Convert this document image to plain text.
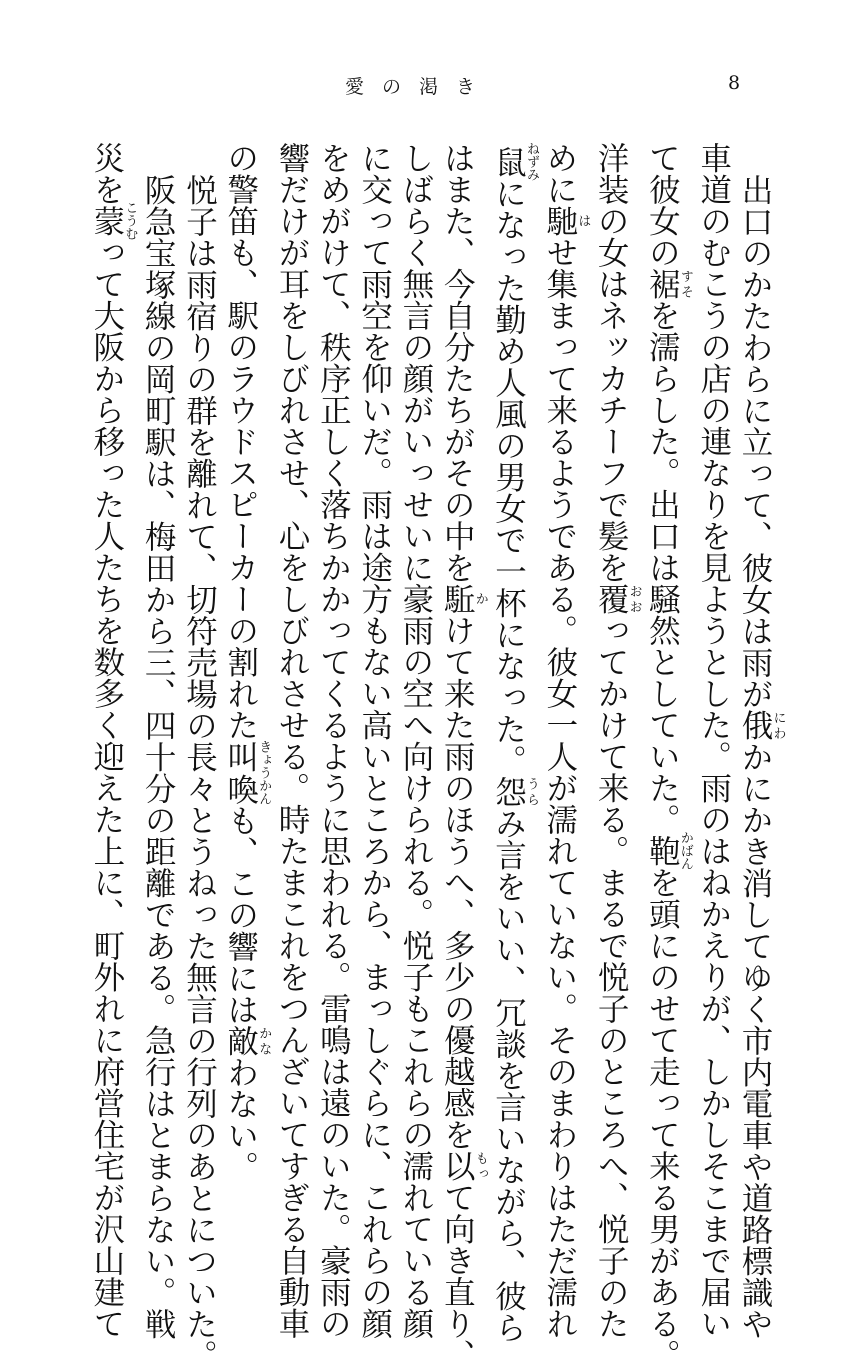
愛の渇き	8
出口のかたわらに立って、彼女は雨が俄にわかにかき消してゆく市内電車や道路標識や
車道のむこうの店の連なりを見ようとした。雨のはねかえりが、しかしそこまで届い
て彼女の裾すそを濡らした。出口は騒然としていた。鞄かばんを頭にのせて走って来る男がある。
洋装の女はネッカチーフで髪を覆おおってかけて来る。まるで悦子のところへ、悦子のた
めに馳はせ集まって来るようである。彼女一人が濡れていない。そのまわりはただ濡れ
鼠ねずみになった勤め人風の男女で一杯になった。怨うらみ言をいい、冗談を言いながら、彼ら
はまた、今自分たちがその中を駈かけて来た雨のほうへ、多少の優越感を以もって向き直り、
しばらく無言の顔がいっせいに豪雨の空へ向けられる。悦子もこれらの濡れている顔
に交って雨空を仰いだ。雨は途方もない高いところから、まっしぐらに、これらの顔
をめがけて、秩序正しく落ちかかってくるように思われる。雷鳴は遠のいた。豪雨の
響だけが耳をしびれさせ、心をしびれさせる。時たまこれをつんざいてすぎる自動車
の警笛も、駅のラウドスピーカーの割れた叫喚きょうかんも、この響には敵かなわない。
悦子は雨宿りの群を離れて、切符売場の長々とうねった無言の行列のあとについた。
阪急宝塚線の岡町駅は、梅田から三、四十分の距離である。急行はとまらない。戦
災を蒙こうむって大阪から移った人たちを数多く迎えた上に、町外れに府営住宅が沢山建て
